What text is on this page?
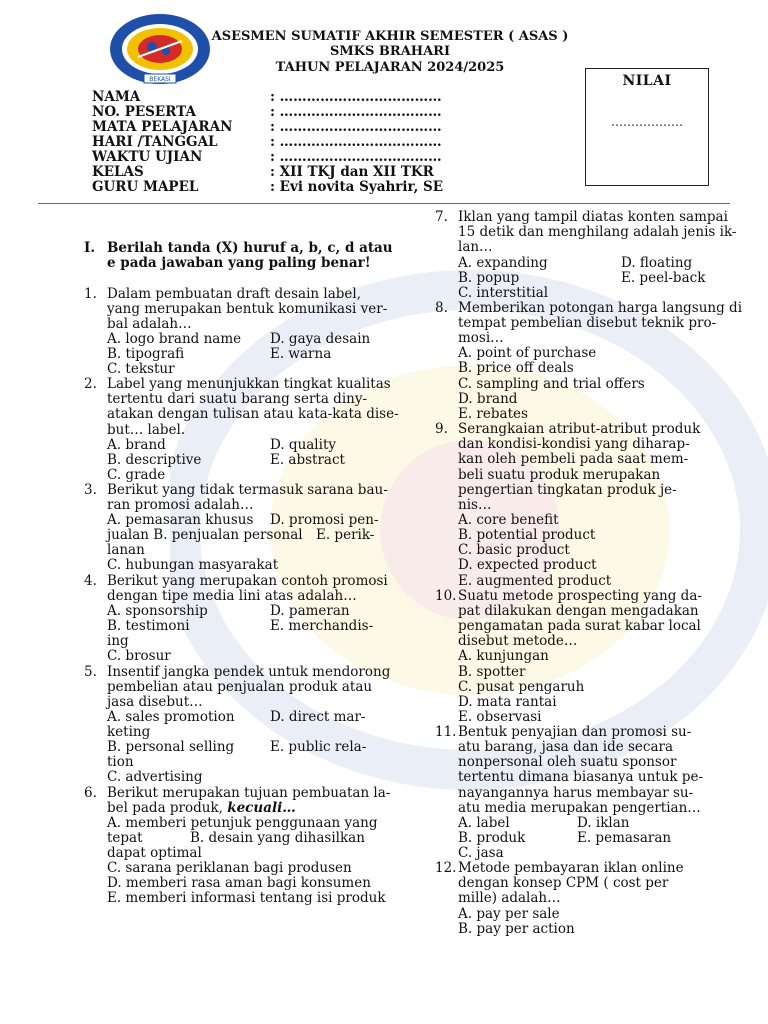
BEKASI
ASESMEN SUMATIF AKHIR SEMESTER ( ASAS )
SMKS BRAHARI
TAHUN PELAJARAN 2024/2025
NILAI
………………
NAMA	: ………………………………
NO. PESERTA	: ………………………………
MATA PELAJARAN	: ………………………………
HARI /TANGGAL	: ………………………………
WAKTU UJIAN	: ………………………………
KELAS	: XII TKJ dan XII TKR
GURU MAPEL	: Evi novita Syahrir, SE
I. Berilah tanda (X) huruf a, b, c, d atau
e pada jawaban yang paling benar!
1. Dalam pembuatan draft desain label,
yang merupakan bentuk komunikasi ver-
bal adalah…
A. logo brand name D. gaya desain
B. tipografi	E. warna
C. tekstur
2. Label yang menunjukkan tingkat kualitas
tertentu dari suatu barang serta diny-
atakan dengan tulisan atau kata-kata dise-
but… label.
A. brand	D. quality
B. descriptive	E. abstract
C. grade
3. Berikut yang tidak termasuk sarana bau-
ran promosi adalah…
A. pemasaran khusus D. promosi pen-
jualan B. penjualan personal E. perik-
lanan
C. hubungan masyarakat
4. Berikut yang merupakan contoh promosi
dengan tipe media lini atas adalah…
A. sponsorship	D. pameran
B. testimoni	E. merchandis-
ing
C. brosur
5. Insentif jangka pendek untuk mendorong
pembelian atau penjualan produk atau
jasa disebut…
A. sales promotion	D. direct mar-
keting
B. personal selling	E. public rela-
tion
C. advertising
6. Berikut merupakan tujuan pembuatan la-
bel pada produk, kecuali…
A. memberi petunjuk penggunaan yang
tepat	B. desain yang dihasilkan
dapat optimal
C. sarana periklanan bagi produsen
D. memberi rasa aman bagi konsumen
E. memberi informasi tentang isi produk
7. Iklan yang tampil diatas konten sampai
15 detik dan menghilang adalah jenis ik-
lan…
A. expanding	D. floating
B. popup	E. peel-back
C. interstitial
8. Memberikan potongan harga langsung di
tempat pembelian disebut teknik pro-
mosi…
A. point of purchase
B. price off deals
C. sampling and trial offers
D. brand
E. rebates
9. Serangkaian atribut-atribut produk
dan kondisi-kondisi yang diharap-
kan oleh pembeli pada saat mem-
beli suatu produk merupakan
pengertian tingkatan produk je-
nis…
A. core benefit
B. potential product
C. basic product
D. expected product
E. augmented product
10. Suatu metode prospecting yang da-
pat dilakukan dengan mengadakan
pengamatan pada surat kabar local
disebut metode…
A. kunjungan
B. spotter
C. pusat pengaruh
D. mata rantai
E. observasi
11. Bentuk penyajian dan promosi su-
atu barang, jasa dan ide secara
nonpersonal oleh suatu sponsor
tertentu dimana biasanya untuk pe-
nayangannya harus membayar su-
atu media merupakan pengertian…
A. label	D. iklan
B. produk	E. pemasaran
C. jasa
12. Metode pembayaran iklan online
dengan konsep CPM ( cost per
mille) adalah…
A. pay per sale
B. pay per action
